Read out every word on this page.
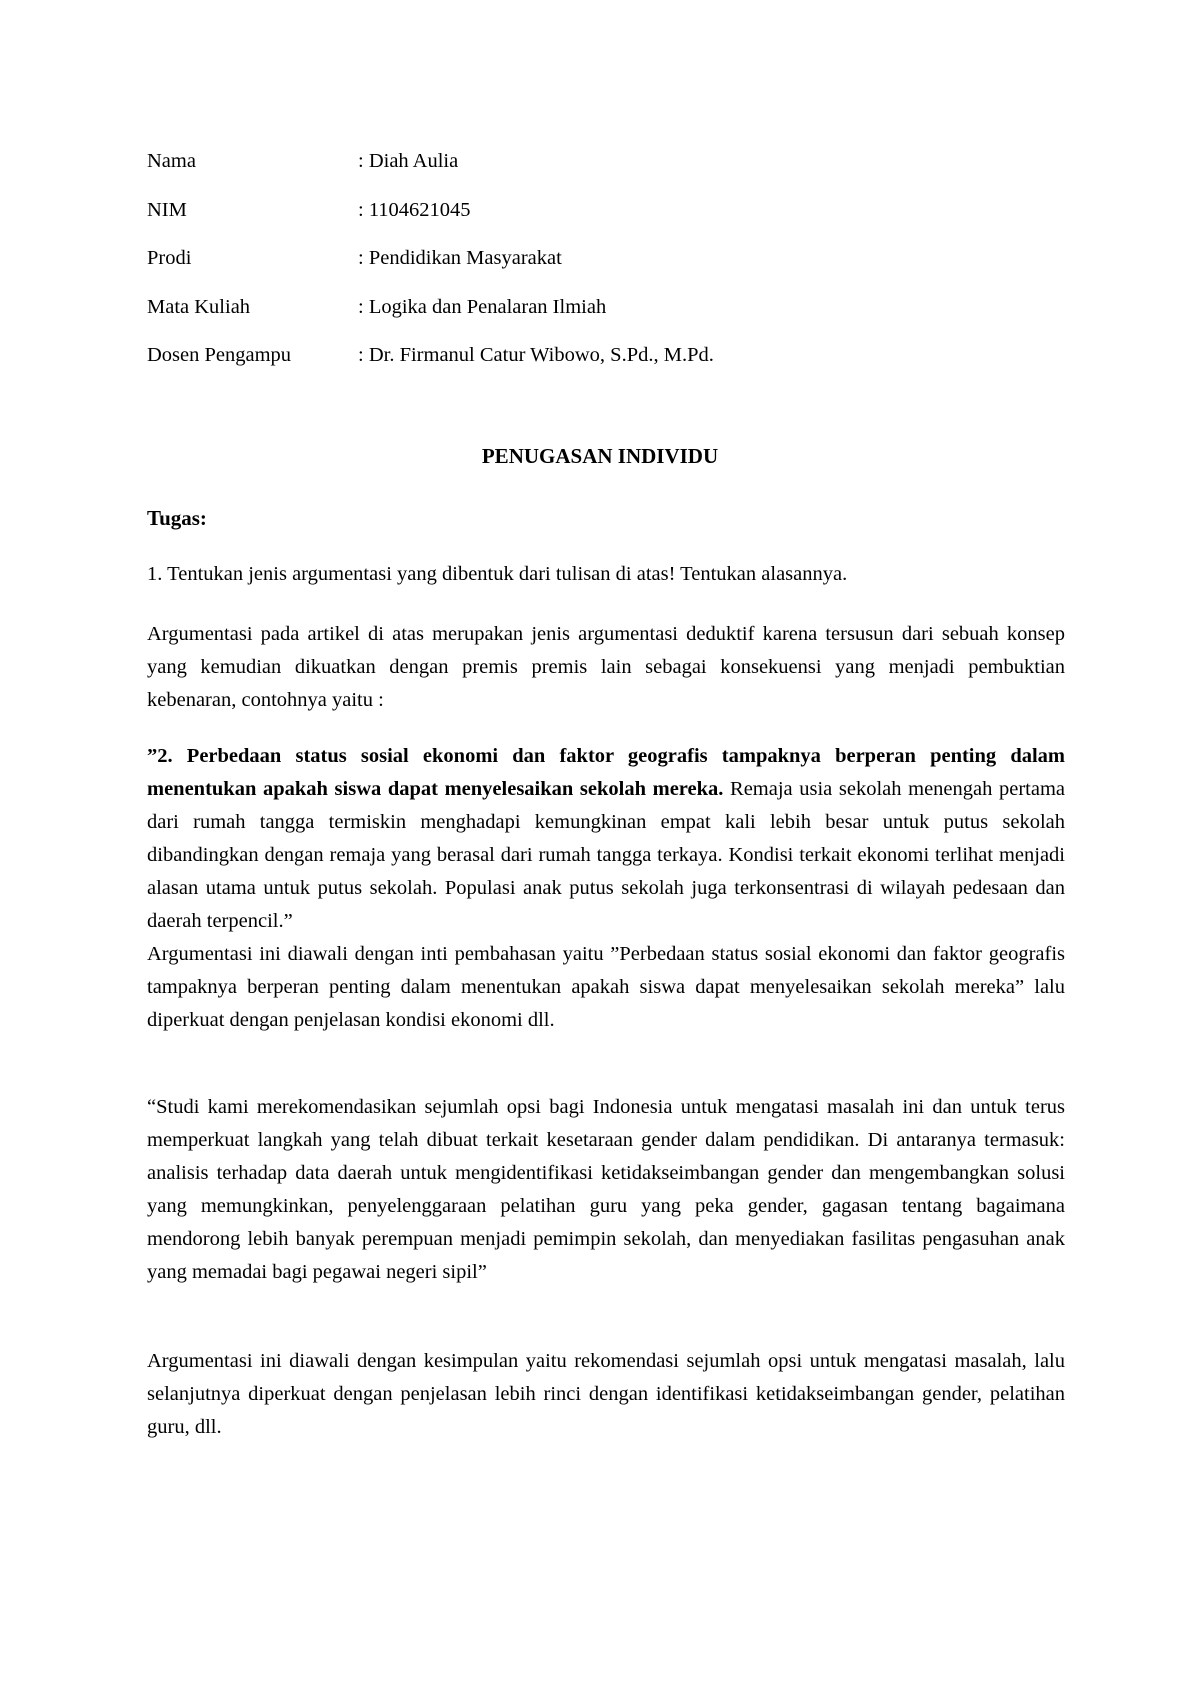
Nama	: Diah Aulia
NIM	: 1104621045
Prodi	: Pendidikan Masyarakat
Mata Kuliah	: Logika dan Penalaran Ilmiah
Dosen Pengampu	: Dr. Firmanul Catur Wibowo, S.Pd., M.Pd.
PENUGASAN INDIVIDU
Tugas:

1. Tentukan jenis argumentasi yang dibentuk dari tulisan di atas! Tentukan alasannya.

Argumentasi pada artikel di atas merupakan jenis argumentasi deduktif karena tersusun dari sebuah konsep yang kemudian dikuatkan dengan premis premis lain sebagai konsekuensi yang menjadi pembuktian kebenaran, contohnya yaitu :

”2. Perbedaan status sosial ekonomi dan faktor geografis tampaknya berperan penting dalam menentukan apakah siswa dapat menyelesaikan sekolah mereka. Remaja usia sekolah menengah pertama dari rumah tangga termiskin menghadapi kemungkinan empat kali lebih besar untuk putus sekolah dibandingkan dengan remaja yang berasal dari rumah tangga terkaya. Kondisi terkait ekonomi terlihat menjadi alasan utama untuk putus sekolah. Populasi anak putus sekolah juga terkonsentrasi di wilayah pedesaan dan daerah terpencil.”

Argumentasi ini diawali dengan inti pembahasan yaitu ”Perbedaan status sosial ekonomi dan faktor geografis tampaknya berperan penting dalam menentukan apakah siswa dapat menyelesaikan sekolah mereka” lalu diperkuat dengan penjelasan kondisi ekonomi dll.

“Studi kami merekomendasikan sejumlah opsi bagi Indonesia untuk mengatasi masalah ini dan untuk terus memperkuat langkah yang telah dibuat terkait kesetaraan gender dalam pendidikan. Di antaranya termasuk: analisis terhadap data daerah untuk mengidentifikasi ketidakseimbangan gender dan mengembangkan solusi yang memungkinkan, penyelenggaraan pelatihan guru yang peka gender, gagasan tentang bagaimana mendorong lebih banyak perempuan menjadi pemimpin sekolah, dan menyediakan fasilitas pengasuhan anak yang memadai bagi pegawai negeri sipil”

Argumentasi ini diawali dengan kesimpulan yaitu rekomendasi sejumlah opsi untuk mengatasi masalah, lalu selanjutnya diperkuat dengan penjelasan lebih rinci dengan identifikasi ketidakseimbangan gender, pelatihan guru, dll.
